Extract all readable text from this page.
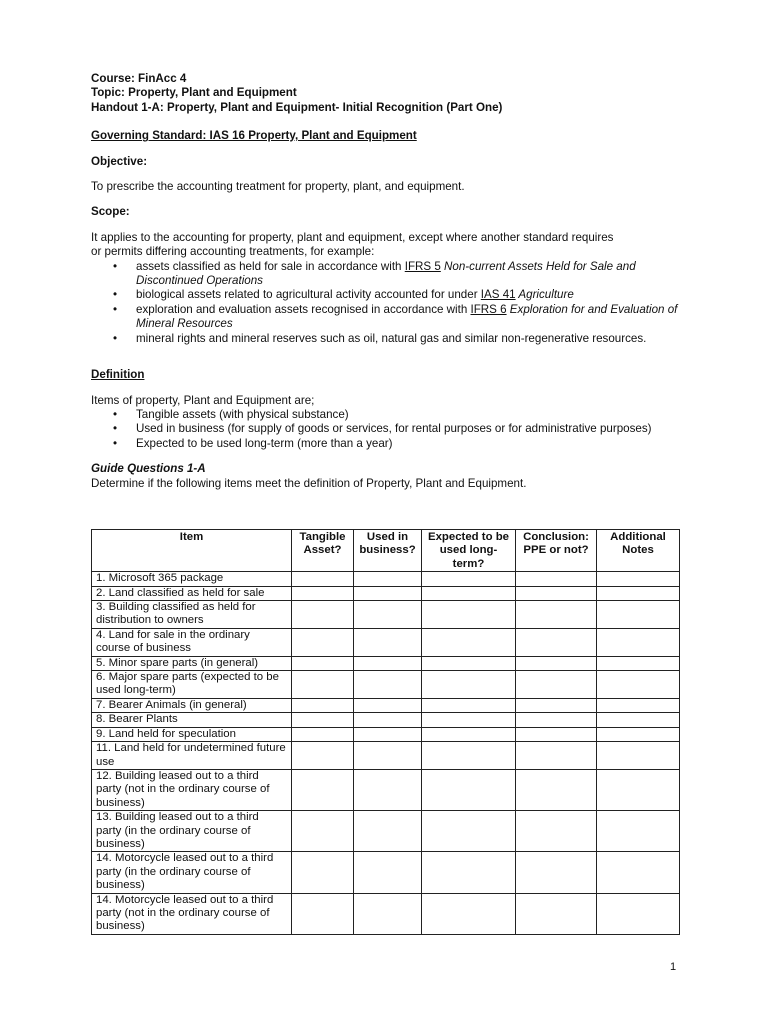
Course: FinAcc 4

Topic: Property, Plant and Equipment

Handout 1-A: Property, Plant and Equipment- Initial Recognition (Part One)

Governing Standard: IAS 16 Property, Plant and Equipment

Objective:

To prescribe the accounting treatment for property, plant, and equipment.

Scope:

It applies to the accounting for property, plant and equipment, except where another standard requires

or permits differing accounting treatments, for example:

• assets classified as held for sale in accordance with IFRS 5 Non-current Assets Held for Sale and Discontinued Operations
• biological assets related to agricultural activity accounted for under IAS 41 Agriculture
• exploration and evaluation assets recognised in accordance with IFRS 6 Exploration for and Evaluation of Mineral Resources
• mineral rights and mineral reserves such as oil, natural gas and similar non-regenerative resources.

Definition

Items of property, Plant and Equipment are;

• Tangible assets (with physical substance)
• Used in business (for supply of goods or services, for rental purposes or for administrative purposes)
• Expected to be used long-term (more than a year)

Guide Questions 1-A

Determine if the following items meet the definition of Property, Plant and Equipment.

Item	Tangible Asset?	Used in business?	Expected to be used long-term?	Conclusion: PPE or not?	Additional Notes
1. Microsoft 365 package					
2. Land classified as held for sale					
3. Building classified as held for distribution to owners					
4. Land for sale in the ordinary course of business					
5. Minor spare parts (in general)					
6. Major spare parts (expected to be used long-term)					
7. Bearer Animals (in general)					
8. Bearer Plants					
9. Land held for speculation					
11. Land held for undetermined future use					
12. Building leased out to a third party (not in the ordinary course of business)					
13. Building leased out to a third party (in the ordinary course of business)					
14. Motorcycle leased out to a third party (in the ordinary course of business)					
14. Motorcycle leased out to a third party (not in the ordinary course of business)					
1
